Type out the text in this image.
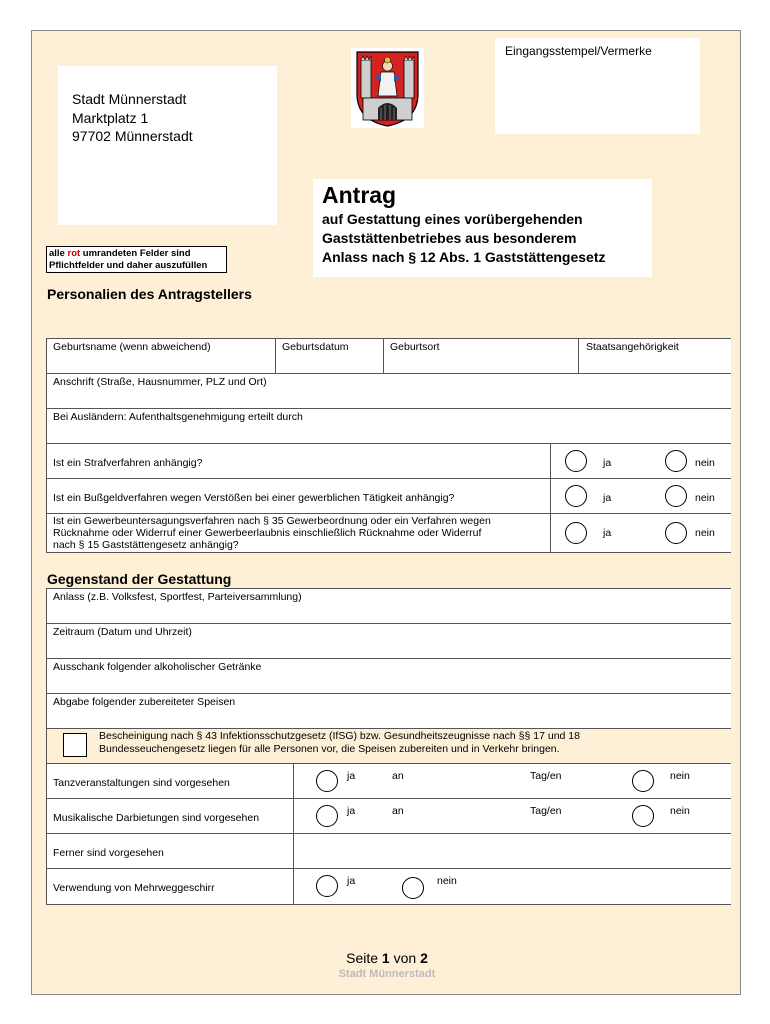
Eingangsstempel/Vermerke
Stadt Münnerstadt
Marktplatz 1
97702 Münnerstadt
Antrag
auf Gestattung eines vorübergehenden
Gaststättenbetriebes aus besonderem
Anlass nach § 12 Abs. 1 Gaststättengesetz
alle rot umrandeten Felder sind
Pflichtfelder und daher auszufüllen
Personalien des Antragstellers
Geburtsname (wenn abweichend)	Geburtsdatum	Geburtsort	Staatsangehörigkeit
Anschrift (Straße, Hausnummer, PLZ und Ort)
Bei Ausländern: Aufenthaltsgenehmigung erteilt durch
Ist ein Strafverfahren anhängig?	ja	nein
Ist ein Bußgeldverfahren wegen Verstößen bei einer gewerblichen Tätigkeit anhängig?	ja	nein
Ist ein Gewerbeuntersagungsverfahren nach § 35 Gewerbeordnung oder ein Verfahren wegen
Rücknahme oder Widerruf einer Gewerbeerlaubnis einschließlich Rücknahme oder Widerruf
nach § 15 Gaststättengesetz anhängig?
ja	nein
Gegenstand der Gestattung
Anlass (z.B. Volksfest, Sportfest, Parteiversammlung)
Zeitraum (Datum und Uhrzeit)
Ausschank folgender alkoholischer Getränke
Abgabe folgender zubereiteter Speisen
Bescheinigung nach § 43 Infektionsschutzgesetz (IfSG) bzw. Gesundheitszeugnisse nach §§ 17 und 18
Bundesseuchengesetz liegen für alle Personen vor, die Speisen zubereiten und in Verkehr bringen.
Tanzveranstaltungen sind vorgesehen
ja	an	Tag/en	nein
Musikalische Darbietungen sind vorgesehen
ja	an	Tag/en	nein
Ferner sind vorgesehen
Verwendung von Mehrweggeschirr
ja	nein
Seite 1 von 2
Stadt Münnerstadt
